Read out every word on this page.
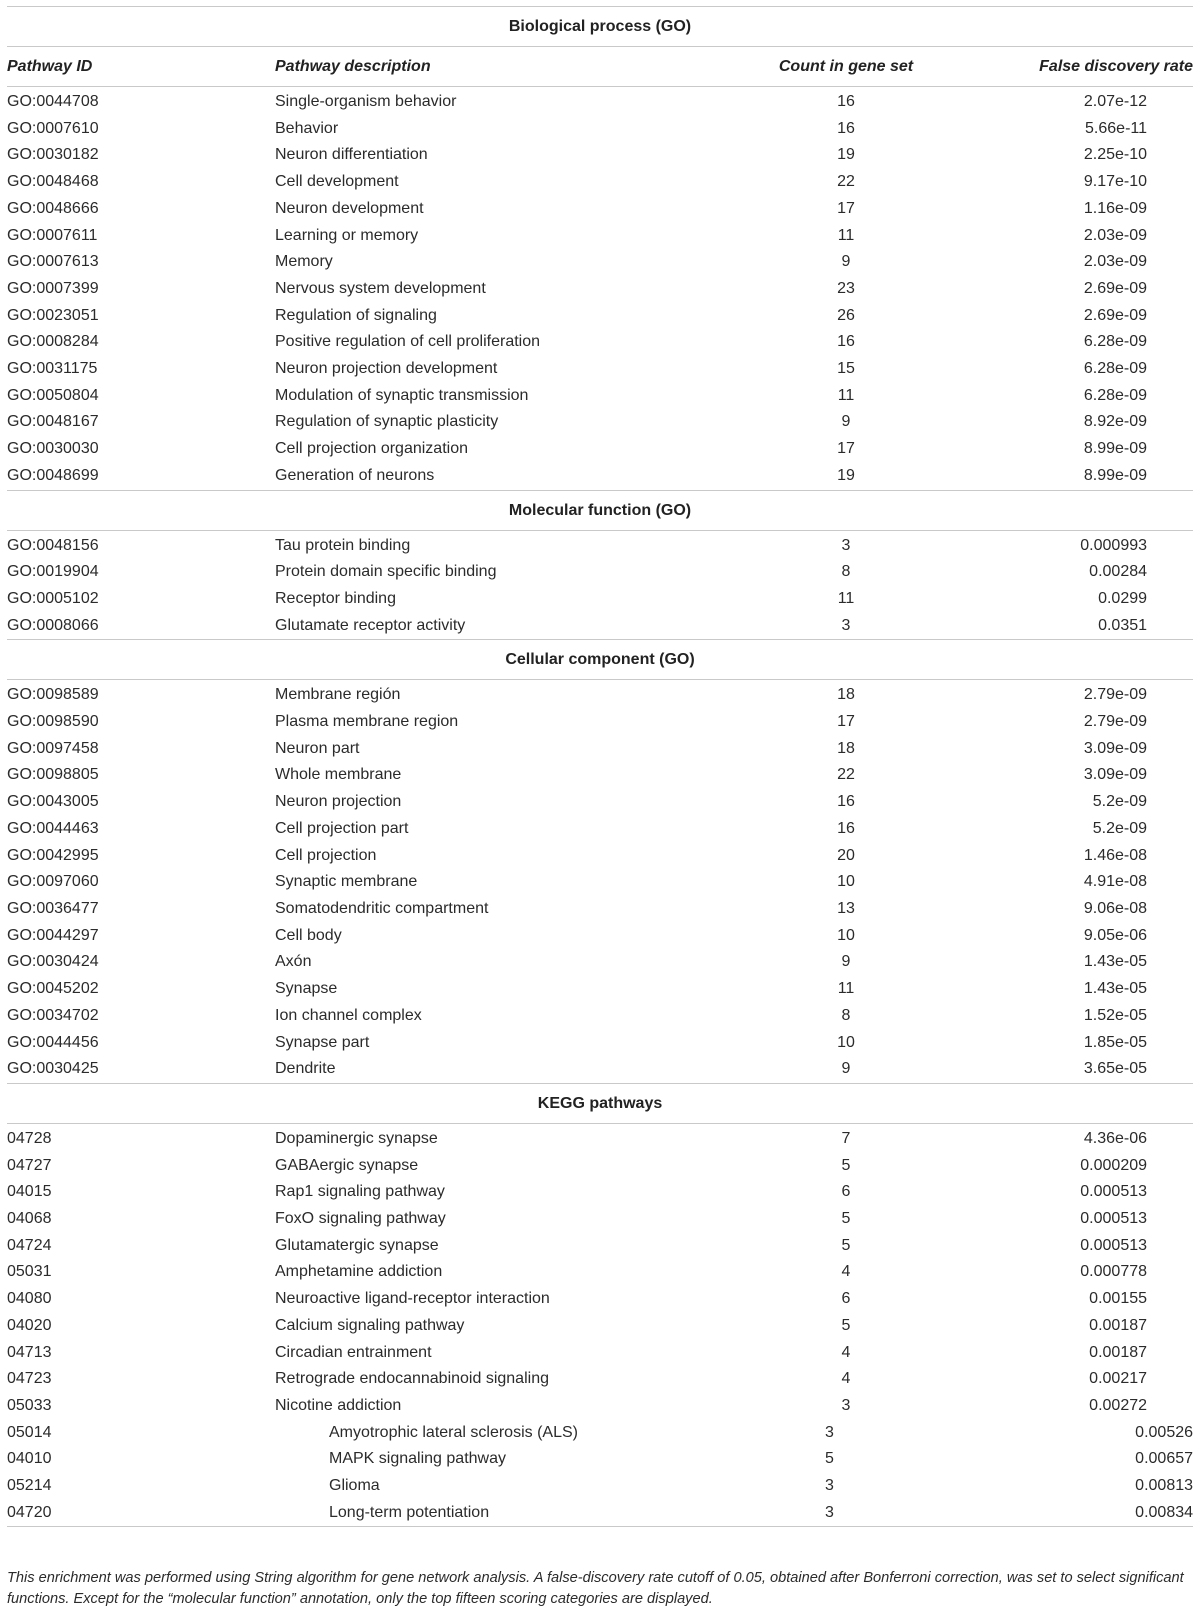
Biological process (GO)			
Pathway ID	Pathway description	Count in gene set	False discovery rate
GO:0044708	Single-organism behavior	16	2.07e-12
GO:0007610	Behavior	16	5.66e-11
GO:0030182	Neuron differentiation	19	2.25e-10
GO:0048468	Cell development	22	9.17e-10
GO:0048666	Neuron development	17	1.16e-09
GO:0007611	Learning or memory	11	2.03e-09
GO:0007613	Memory	9	2.03e-09
GO:0007399	Nervous system development	23	2.69e-09
GO:0023051	Regulation of signaling	26	2.69e-09
GO:0008284	Positive regulation of cell proliferation	16	6.28e-09
GO:0031175	Neuron projection development	15	6.28e-09
GO:0050804	Modulation of synaptic transmission	11	6.28e-09
GO:0048167	Regulation of synaptic plasticity	9	8.92e-09
GO:0030030	Cell projection organization	17	8.99e-09
GO:0048699	Generation of neurons	19	8.99e-09
Molecular function (GO)			
GO:0048156	Tau protein binding	3	0.000993
GO:0019904	Protein domain specific binding	8	0.00284
GO:0005102	Receptor binding	11	0.0299
GO:0008066	Glutamate receptor activity	3	0.0351
Cellular component (GO)			
GO:0098589	Membrane región	18	2.79e-09
GO:0098590	Plasma membrane region	17	2.79e-09
GO:0097458	Neuron part	18	3.09e-09
GO:0098805	Whole membrane	22	3.09e-09
GO:0043005	Neuron projection	16	5.2e-09
GO:0044463	Cell projection part	16	5.2e-09
GO:0042995	Cell projection	20	1.46e-08
GO:0097060	Synaptic membrane	10	4.91e-08
GO:0036477	Somatodendritic compartment	13	9.06e-08
GO:0044297	Cell body	10	9.05e-06
GO:0030424	Axón	9	1.43e-05
GO:0045202	Synapse	11	1.43e-05
GO:0034702	Ion channel complex	8	1.52e-05
GO:0044456	Synapse part	10	1.85e-05
GO:0030425	Dendrite	9	3.65e-05
KEGG pathways			
04728	Dopaminergic synapse	7	4.36e-06
04727	GABAergic synapse	5	0.000209
04015	Rap1 signaling pathway	6	0.000513
04068	FoxO signaling pathway	5	0.000513
04724	Glutamatergic synapse	5	0.000513
05031	Amphetamine addiction	4	0.000778
04080	Neuroactive ligand-receptor interaction	6	0.00155
04020	Calcium signaling pathway	5	0.00187
04713	Circadian entrainment	4	0.00187
04723	Retrograde endocannabinoid signaling	4	0.00217
05033	Nicotine addiction	3	0.00272
05014	Amyotrophic lateral sclerosis (ALS)	3	0.00526
04010	MAPK signaling pathway	5	0.00657
05214	Glioma	3	0.00813
04720	Long-term potentiation	3	0.00834
This enrichment was performed using String algorithm for gene network analysis. A false-discovery rate cutoff of 0.05, obtained after Bonferroni correction, was set to select significant functions. Except for the “molecular function” annotation, only the top fifteen scoring categories are displayed.
